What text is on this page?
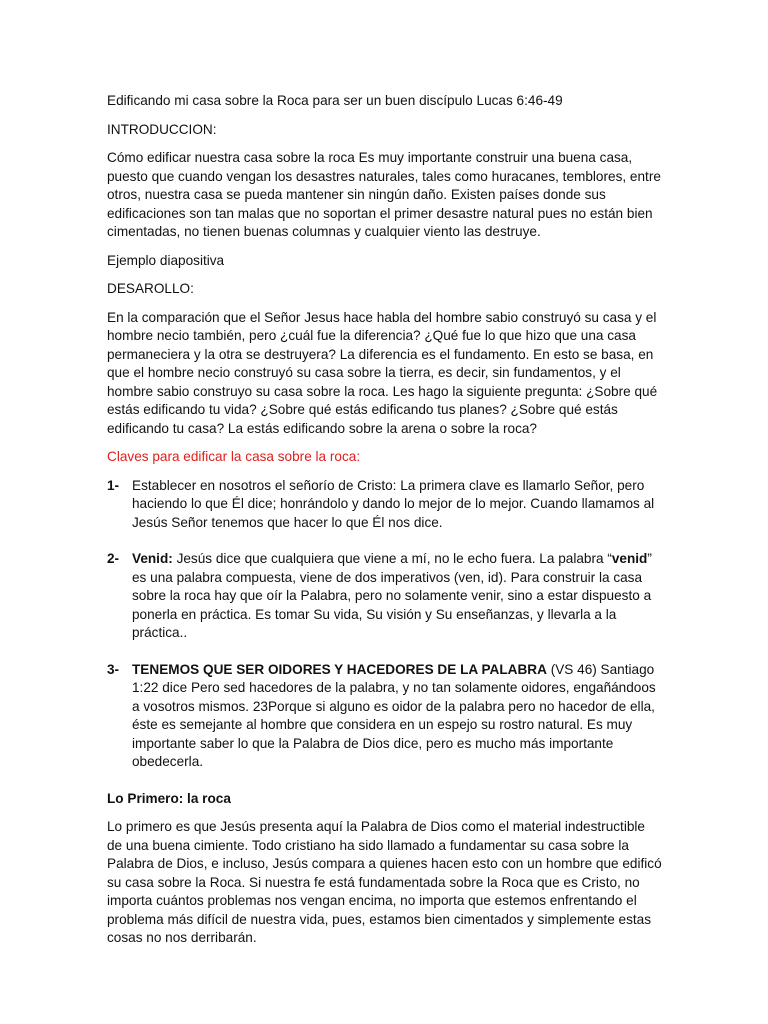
Edificando mi casa sobre la Roca para ser un buen discípulo Lucas 6:46-49

INTRODUCCION:

Cómo edificar nuestra casa sobre la roca Es muy importante construir una buena casa, puesto que cuando vengan los desastres naturales, tales como huracanes, temblores, entre otros, nuestra casa se pueda mantener sin ningún daño. Existen países donde sus edificaciones son tan malas que no soportan el primer desastre natural pues no están bien cimentadas, no tienen buenas columnas y cualquier viento las destruye.

Ejemplo diapositiva

DESAROLLO:

En la comparación que el Señor Jesus hace habla del hombre sabio construyó su casa y el hombre necio también, pero ¿cuál fue la diferencia? ¿Qué fue lo que hizo que una casa permaneciera y la otra se destruyera? La diferencia es el fundamento. En esto se basa, en que el hombre necio construyó su casa sobre la tierra, es decir, sin fundamentos, y el hombre sabio construyo su casa sobre la roca. Les hago la siguiente pregunta: ¿Sobre qué estás edificando tu vida? ¿Sobre qué estás edificando tus planes? ¿Sobre qué estás edificando tu casa? La estás edificando sobre la arena o sobre la roca?

Claves para edificar la casa sobre la roca:

1- Establecer en nosotros el señorío de Cristo: La primera clave es llamarlo Señor, pero haciendo lo que Él dice; honrándolo y dando lo mejor de lo mejor. Cuando llamamos al Jesús Señor tenemos que hacer lo que Él nos dice.
2- Venid: Jesús dice que cualquiera que viene a mí, no le echo fuera. La palabra “venid” es una palabra compuesta, viene de dos imperativos (ven, id). Para construir la casa sobre la roca hay que oír la Palabra, pero no solamente venir, sino a estar dispuesto a ponerla en práctica. Es tomar Su vida, Su visión y Su enseñanzas, y llevarla a la práctica..
3- TENEMOS QUE SER OIDORES Y HACEDORES DE LA PALABRA (VS 46) Santiago 1:22 dice Pero sed hacedores de la palabra, y no tan solamente oidores, engañándoos a vosotros mismos. 23Porque si alguno es oidor de la palabra pero no hacedor de ella, éste es semejante al hombre que considera en un espejo su rostro natural. Es muy importante saber lo que la Palabra de Dios dice, pero es mucho más importante obedecerla.

Lo Primero: la roca

Lo primero es que Jesús presenta aquí la Palabra de Dios como el material indestructible de una buena cimiente. Todo cristiano ha sido llamado a fundamentar su casa sobre la Palabra de Dios, e incluso, Jesús compara a quienes hacen esto con un hombre que edificó su casa sobre la Roca. Si nuestra fe está fundamentada sobre la Roca que es Cristo, no importa cuántos problemas nos vengan encima, no importa que estemos enfrentando el problema más difícil de nuestra vida, pues, estamos bien cimentados y simplemente estas cosas no nos derribarán.
